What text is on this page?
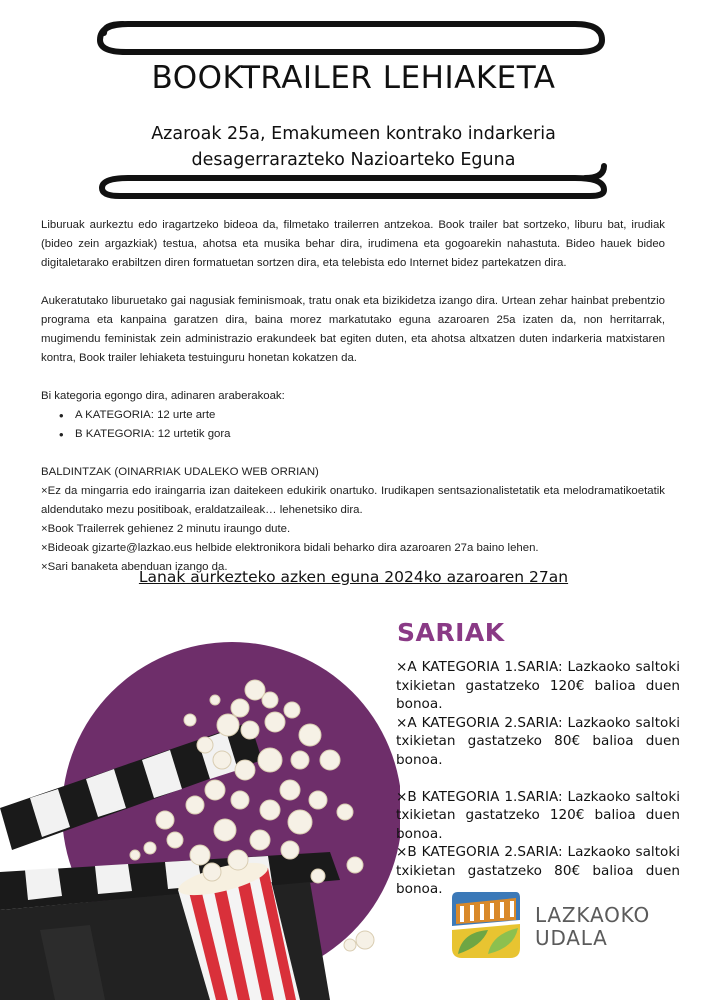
BOOKTRAILER LEHIAKETA
Azaroak 25a, Emakumeen kontrako indarkeria
desagerrarazteko Nazioarteko Eguna

Liburuak aurkeztu edo iragartzeko bideoa da, filmetako trailerren antzekoa. Book trailer bat sortzeko, liburu bat, irudiak (bideo zein argazkiak) testua, ahotsa eta musika behar dira, irudimena eta gogoarekin nahastuta. Bideo hauek bideo digitaletarako erabiltzen diren formatuetan sortzen dira, eta telebista edo Internet bidez partekatzen dira.

Aukeratutako liburuetako gai nagusiak feminismoak, tratu onak eta bizikidetza izango dira. Urtean zehar hainbat prebentzio programa eta kanpaina garatzen dira, baina morez markatutako eguna azaroaren 25a izaten da, non herritarrak, mugimendu feministak zein administrazio erakundeek bat egiten duten, eta ahotsa altxatzen duten indarkeria matxistaren kontra, Book trailer lehiaketa testuinguru honetan kokatzen da.

Bi kategoria egongo dira, adinaren araberakoak:
• A KATEGORIA: 12 urte arte
• B KATEGORIA: 12 urtetik gora
BALDINTZAK (OINARRIAK UDALEKO WEB ORRIAN)

×Ez da mingarria edo iraingarria izan daitekeen edukirik onartuko. Irudikapen sentsazionalistetatik eta melodramatikoetatik aldendutako mezu positiboak, eraldatzaileak… lehenetsiko dira.

×Book Trailerrek gehienez 2 minutu iraungo dute.

×Bideoak gizarte@lazkao.eus helbide elektronikora bidali beharko dira azaroaren 27a baino lehen.

×Sari banaketa abenduan izango da.

Lanak aurkezteko azken eguna 2024ko azaroaren 27an
SARIAK

×A KATEGORIA 1.SARIA: Lazkaoko saltoki txikietan gastatzeko 120€ balioa duen bonoa.

×A KATEGORIA 2.SARIA: Lazkaoko saltoki txikietan gastatzeko 80€ balioa duen bonoa.

×B KATEGORIA 1.SARIA: Lazkaoko saltoki txikietan gastatzeko 120€ balioa duen bonoa.

×B KATEGORIA 2.SARIA: Lazkaoko saltoki txikietan gastatzeko 80€ balioa duen bonoa.

LAZKAOKO
UDALA
